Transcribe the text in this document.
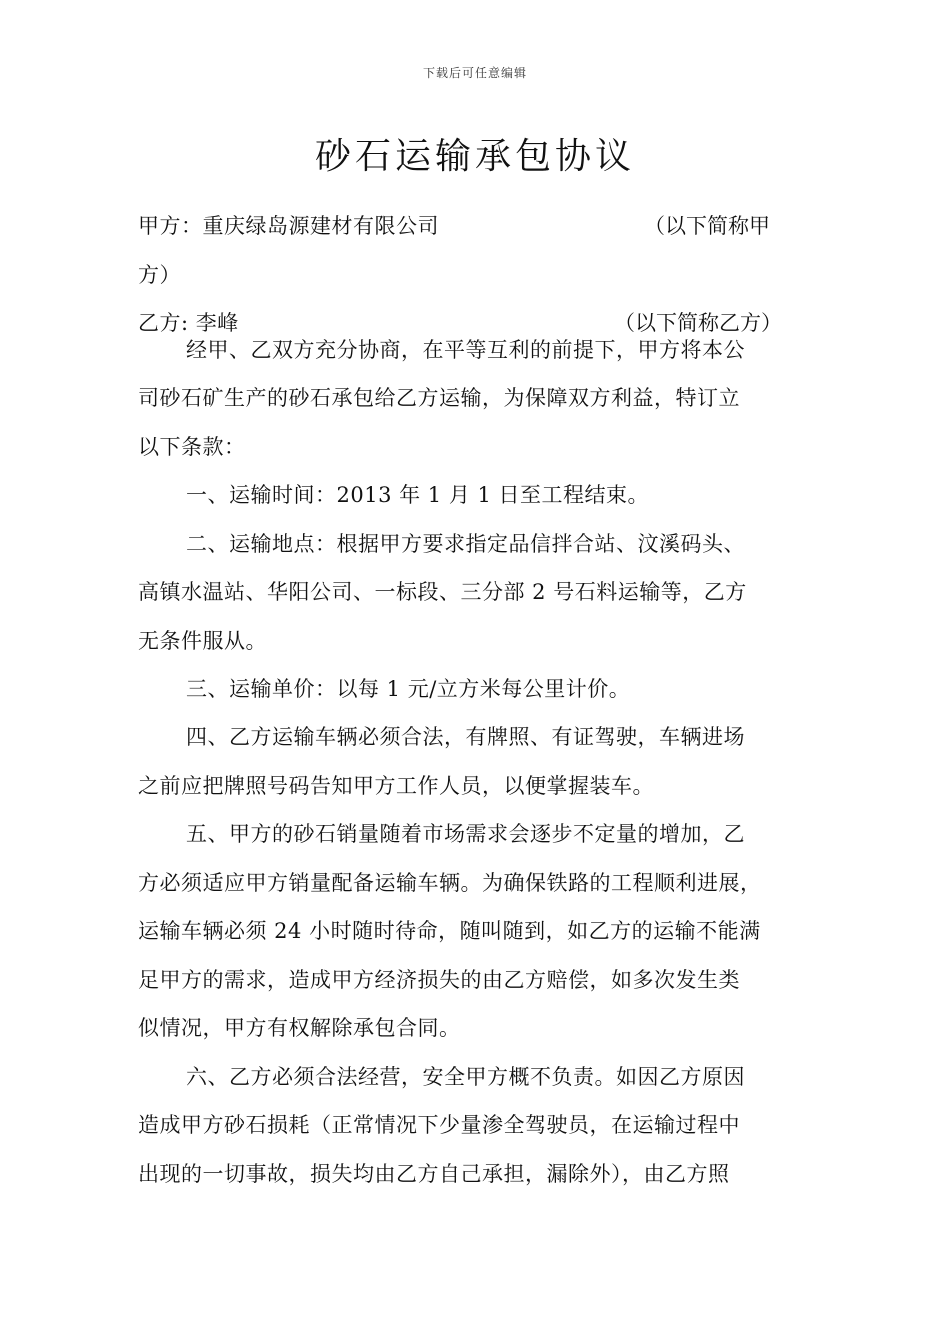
下载后可任意编辑
砂石运输承包协议
甲方：重庆绿岛源建材有限公司	（以下简称甲
方）
乙方: 李峰	（以下简称乙方）
经甲、乙双方充分协商，在平等互利的前提下，甲方将本公
司砂石矿生产的砂石承包给乙方运输，为保障双方利益，特订立
以下条款：
一、运输时间：2013 年 1 月 1 日至工程结束。
二、运输地点：根据甲方要求指定品信拌合站、汶溪码头、
高镇水温站、华阳公司、一标段、三分部 2 号石料运输等，乙方
无条件服从。
三、运输单价：以每 1 元/立方米每公里计价。
四、乙方运输车辆必须合法，有牌照、有证驾驶，车辆进场
之前应把牌照号码告知甲方工作人员，以便掌握装车。
五、甲方的砂石销量随着市场需求会逐步不定量的增加，乙
方必须适应甲方销量配备运输车辆。为确保铁路的工程顺利进展，
运输车辆必须 24 小时随时待命，随叫随到，如乙方的运输不能满
足甲方的需求，造成甲方经济损失的由乙方赔偿，如多次发生类
似情况，甲方有权解除承包合同。
六、乙方必须合法经营，安全甲方概不负责。如因乙方原因
造成甲方砂石损耗（正常情况下少量渗全驾驶员，在运输过程中
出现的一切事故，损失均由乙方自己承担，漏除外），由乙方照
